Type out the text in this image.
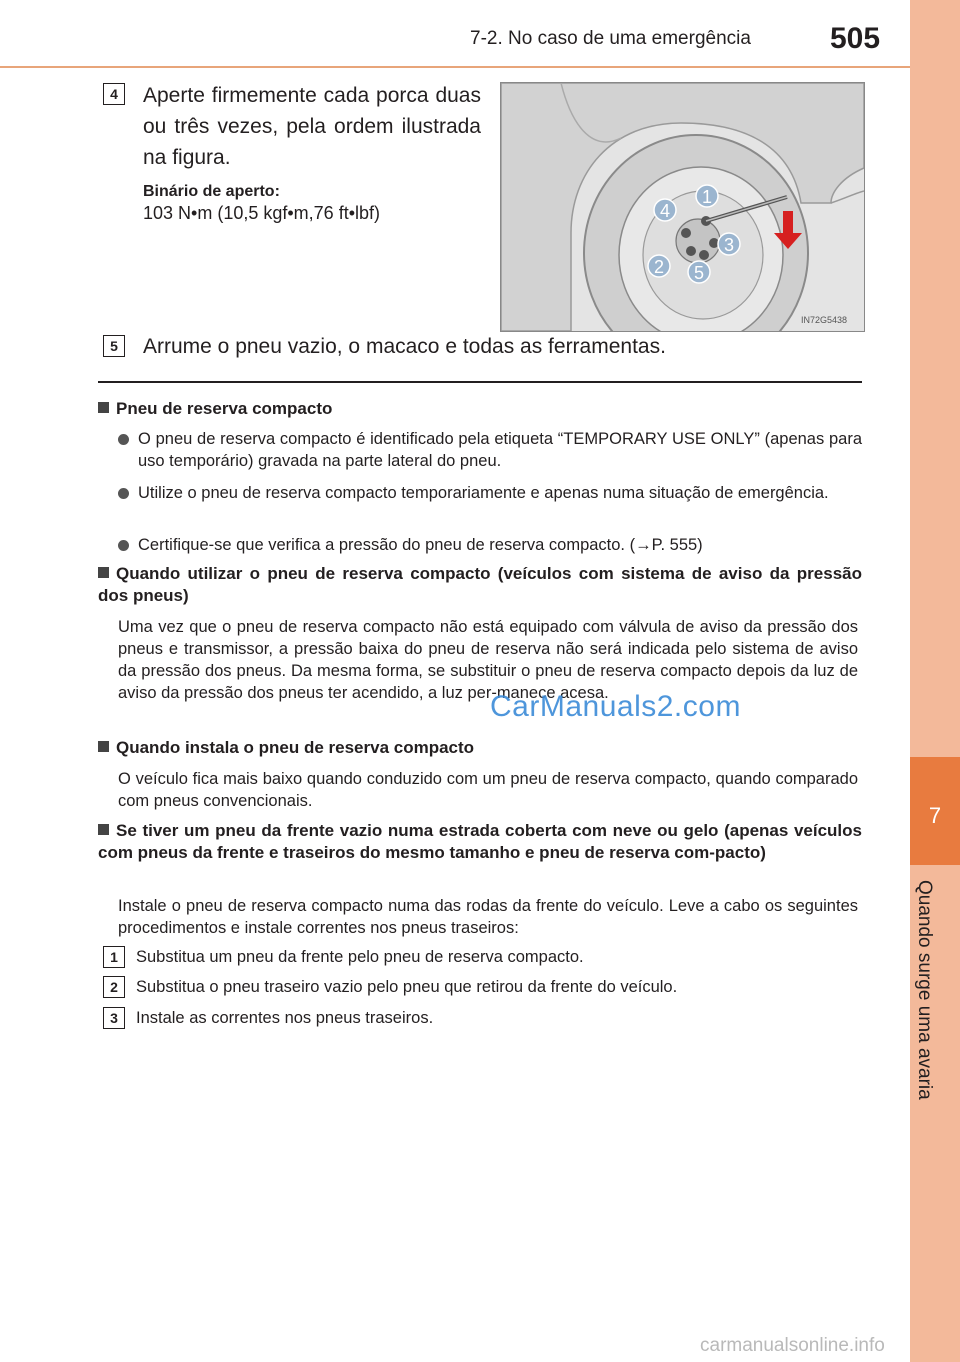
7-2. No caso de uma emergência	505
7
Quando surge uma avaria
4	Aperte firmemente cada porca duas ou três vezes, pela ordem ilustrada na figura.
Binário de aperto:
103 N•m (10,5 kgf•m,76 ft•lbf)
1
2
3
4
5
IN72G5438
5	Arrume o pneu vazio, o macaco e todas as ferramentas.
Pneu de reserva compacto
O pneu de reserva compacto é identificado pela etiqueta “TEMPORARY USE ONLY” (apenas para uso temporário) gravada na parte lateral do pneu.
Utilize o pneu de reserva compacto temporariamente e apenas numa situação de emergência.
Certifique-se que verifica a pressão do pneu de reserva compacto. (→P. 555)
Quando utilizar o pneu de reserva compacto (veículos com sistema de aviso da pressão dos pneus)
Uma vez que o pneu de reserva compacto não está equipado com válvula de aviso da pressão dos pneus e transmissor, a pressão baixa do pneu de reserva não será indicada pelo sistema de aviso da pressão dos pneus. Da mesma forma, se substituir o pneu de reserva compacto depois da luz de aviso da pressão dos pneus ter acendido, a luz per-manece acesa.
Quando instala o pneu de reserva compacto
O veículo fica mais baixo quando conduzido com um pneu de reserva compacto, quando comparado com pneus convencionais.
Se tiver um pneu da frente vazio numa estrada coberta com neve ou gelo (apenas veículos com pneus da frente e traseiros do mesmo tamanho e pneu de reserva com-pacto)
Instale o pneu de reserva compacto numa das rodas da frente do veículo. Leve a cabo os seguintes procedimentos e instale correntes nos pneus traseiros:
1	Substitua um pneu da frente pelo pneu de reserva compacto.
2	Substitua o pneu traseiro vazio pelo pneu que retirou da frente do veículo.
3	Instale as correntes nos pneus traseiros.
CarManuals2.com
carmanualsonline.info
